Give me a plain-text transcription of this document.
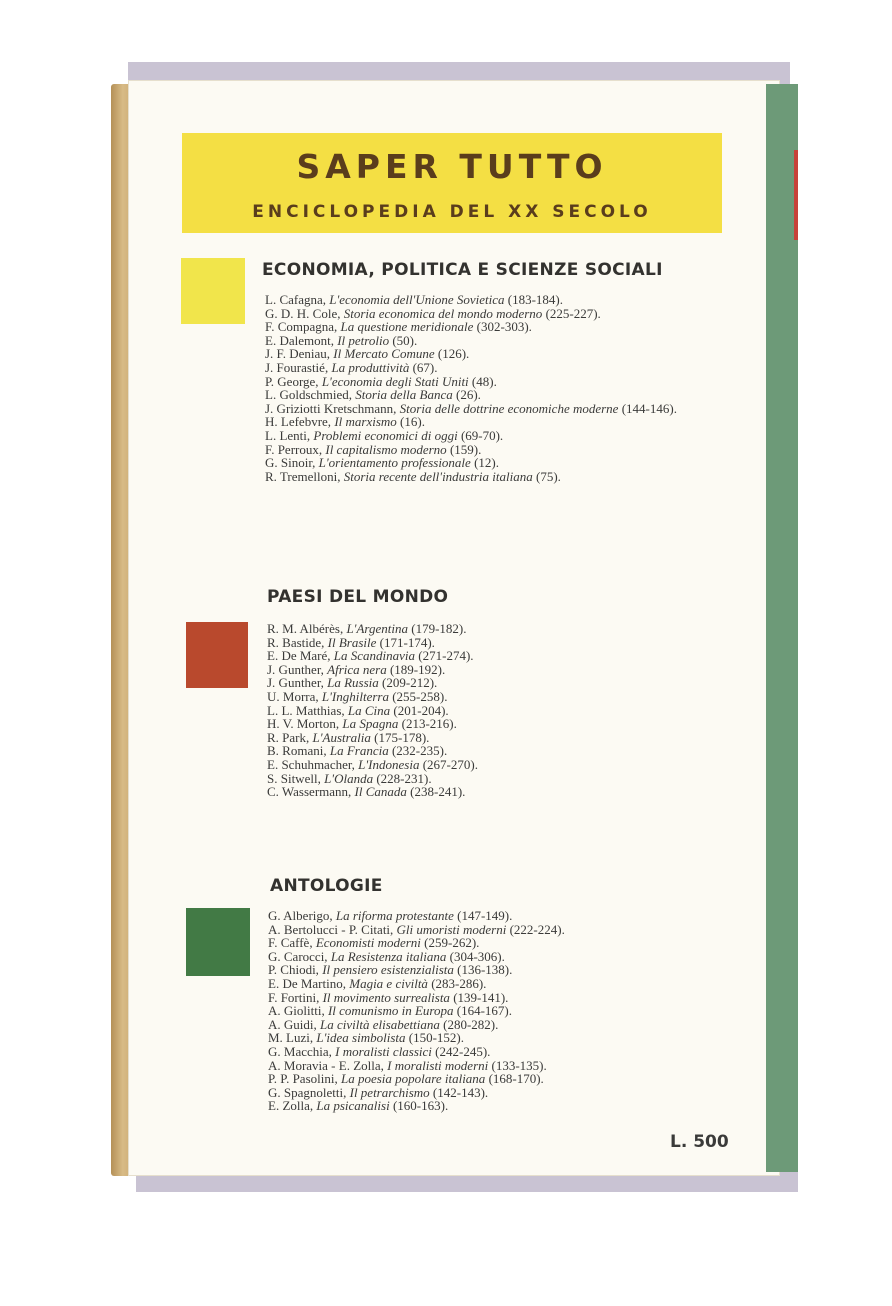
SAPER TUTTO
ENCICLOPEDIA DEL XX SECOLO
ECONOMIA, POLITICA E SCIENZE SOCIALI
L. Cafagna, L'economia dell'Unione Sovietica (183-184).
G. D. H. Cole, Storia economica del mondo moderno (225-227).
F. Compagna, La questione meridionale (302-303).
E. Dalemont, Il petrolio (50).
J. F. Deniau, Il Mercato Comune (126).
J. Fourastié, La produttività (67).
P. George, L'economia degli Stati Uniti (48).
L. Goldschmied, Storia della Banca (26).
J. Griziotti Kretschmann, Storia delle dottrine economiche moderne (144-146).
H. Lefebvre, Il marxismo (16).
L. Lenti, Problemi economici di oggi (69-70).
F. Perroux, Il capitalismo moderno (159).
G. Sinoir, L'orientamento professionale (12).
R. Tremelloni, Storia recente dell'industria italiana (75).
PAESI DEL MONDO
R. M. Albérès, L'Argentina (179-182).
R. Bastide, Il Brasile (171-174).
E. De Maré, La Scandinavia (271-274).
J. Gunther, Africa nera (189-192).
J. Gunther, La Russia (209-212).
U. Morra, L'Inghilterra (255-258).
L. L. Matthias, La Cina (201-204).
H. V. Morton, La Spagna (213-216).
R. Park, L'Australia (175-178).
B. Romani, La Francia (232-235).
E. Schuhmacher, L'Indonesia (267-270).
S. Sitwell, L'Olanda (228-231).
C. Wassermann, Il Canada (238-241).
ANTOLOGIE
G. Alberigo, La riforma protestante (147-149).
A. Bertolucci - P. Citati, Gli umoristi moderni (222-224).
F. Caffè, Economisti moderni (259-262).
G. Carocci, La Resistenza italiana (304-306).
P. Chiodi, Il pensiero esistenzialista (136-138).
E. De Martino, Magia e civiltà (283-286).
F. Fortini, Il movimento surrealista (139-141).
A. Giolitti, Il comunismo in Europa (164-167).
A. Guidi, La civiltà elisabettiana (280-282).
M. Luzi, L'idea simbolista (150-152).
G. Macchia, I moralisti classici (242-245).
A. Moravia - E. Zolla, I moralisti moderni (133-135).
P. P. Pasolini, La poesia popolare italiana (168-170).
G. Spagnoletti, Il petrarchismo (142-143).
E. Zolla, La psicanalisi (160-163).
L. 500
